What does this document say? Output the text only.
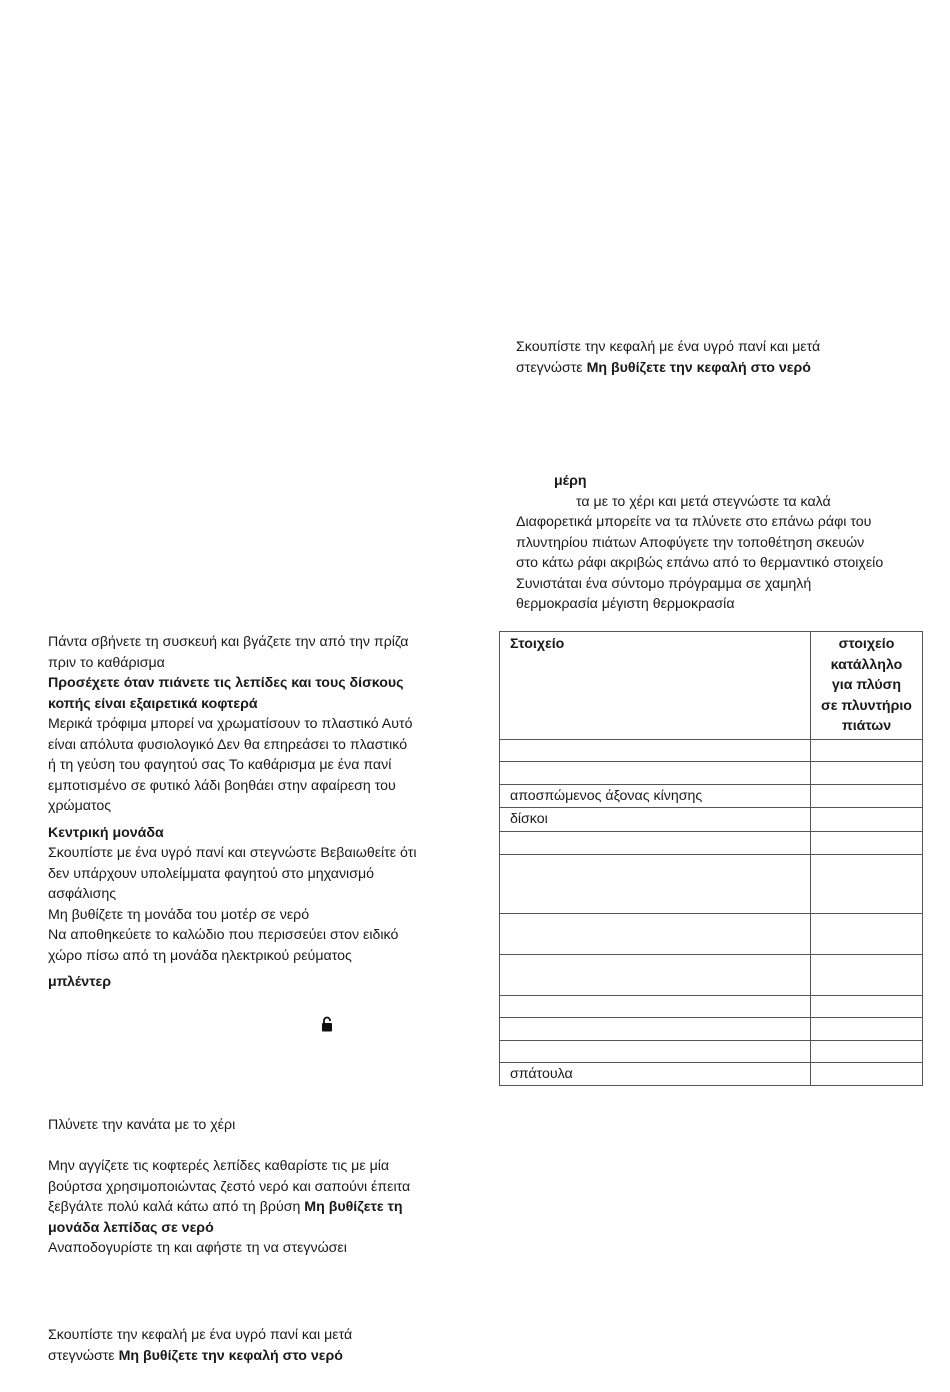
Σκουπίστε την κεφαλή με ένα υγρό πανί και μετά

στεγνώστε Μη βυθίζετε την κεφαλή στο νερό

μέρη

τα με το χέρι και μετά στεγνώστε τα καλά

Διαφορετικά μπορείτε να τα πλύνετε στο επάνω ράφι του

πλυντηρίου πιάτων Αποφύγετε την τοποθέτηση σκευών

στο κάτω ράφι ακριβώς επάνω από το θερμαντικό στοιχείο

Συνιστάται ένα σύντομο πρόγραμμα σε χαμηλή

θερμοκρασία μέγιστη θερμοκρασία

Στοιχείο	στοιχείο
κατάλληλο
για πλύση
σε πλυντήριο
πιάτων

αποσπώμενος άξονας κίνησης	
δίσκοι	

σπάτουλα	

Πάντα σβήνετε τη συσκευή και βγάζετε την από την πρίζα

πριν το καθάρισμα

Προσέχετε όταν πιάνετε τις λεπίδες και τους δίσκους

κοπής είναι εξαιρετικά κοφτερά

Μερικά τρόφιμα μπορεί να χρωματίσουν το πλαστικό Αυτό

είναι απόλυτα φυσιολογικό Δεν θα επηρεάσει το πλαστικό

ή τη γεύση του φαγητού σας Το καθάρισμα με ένα πανί

εμποτισμένο σε φυτικό λάδι βοηθάει στην αφαίρεση του

χρώματος

Κεντρική μονάδα

Σκουπίστε με ένα υγρό πανί και στεγνώστε Βεβαιωθείτε ότι

δεν υπάρχουν υπολείμματα φαγητού στο μηχανισμό

ασφάλισης

Μη βυθίζετε τη μονάδα του μοτέρ σε νερό

Να αποθηκεύετε το καλώδιο που περισσεύει στον ειδικό

χώρο πίσω από τη μονάδα ηλεκτρικού ρεύματος

μπλέντερ

Πλύνετε την κανάτα με το χέρι

Μην αγγίζετε τις κοφτερές λεπίδες καθαρίστε τις με μία

βούρτσα χρησιμοποιώντας ζεστό νερό και σαπούνι έπειτα

ξεβγάλτε πολύ καλά κάτω από τη βρύση Μη βυθίζετε τη

μονάδα λεπίδας σε νερό

Αναποδογυρίστε τη και αφήστε τη να στεγνώσει

Σκουπίστε την κεφαλή με ένα υγρό πανί και μετά

στεγνώστε Μη βυθίζετε την κεφαλή στο νερό
